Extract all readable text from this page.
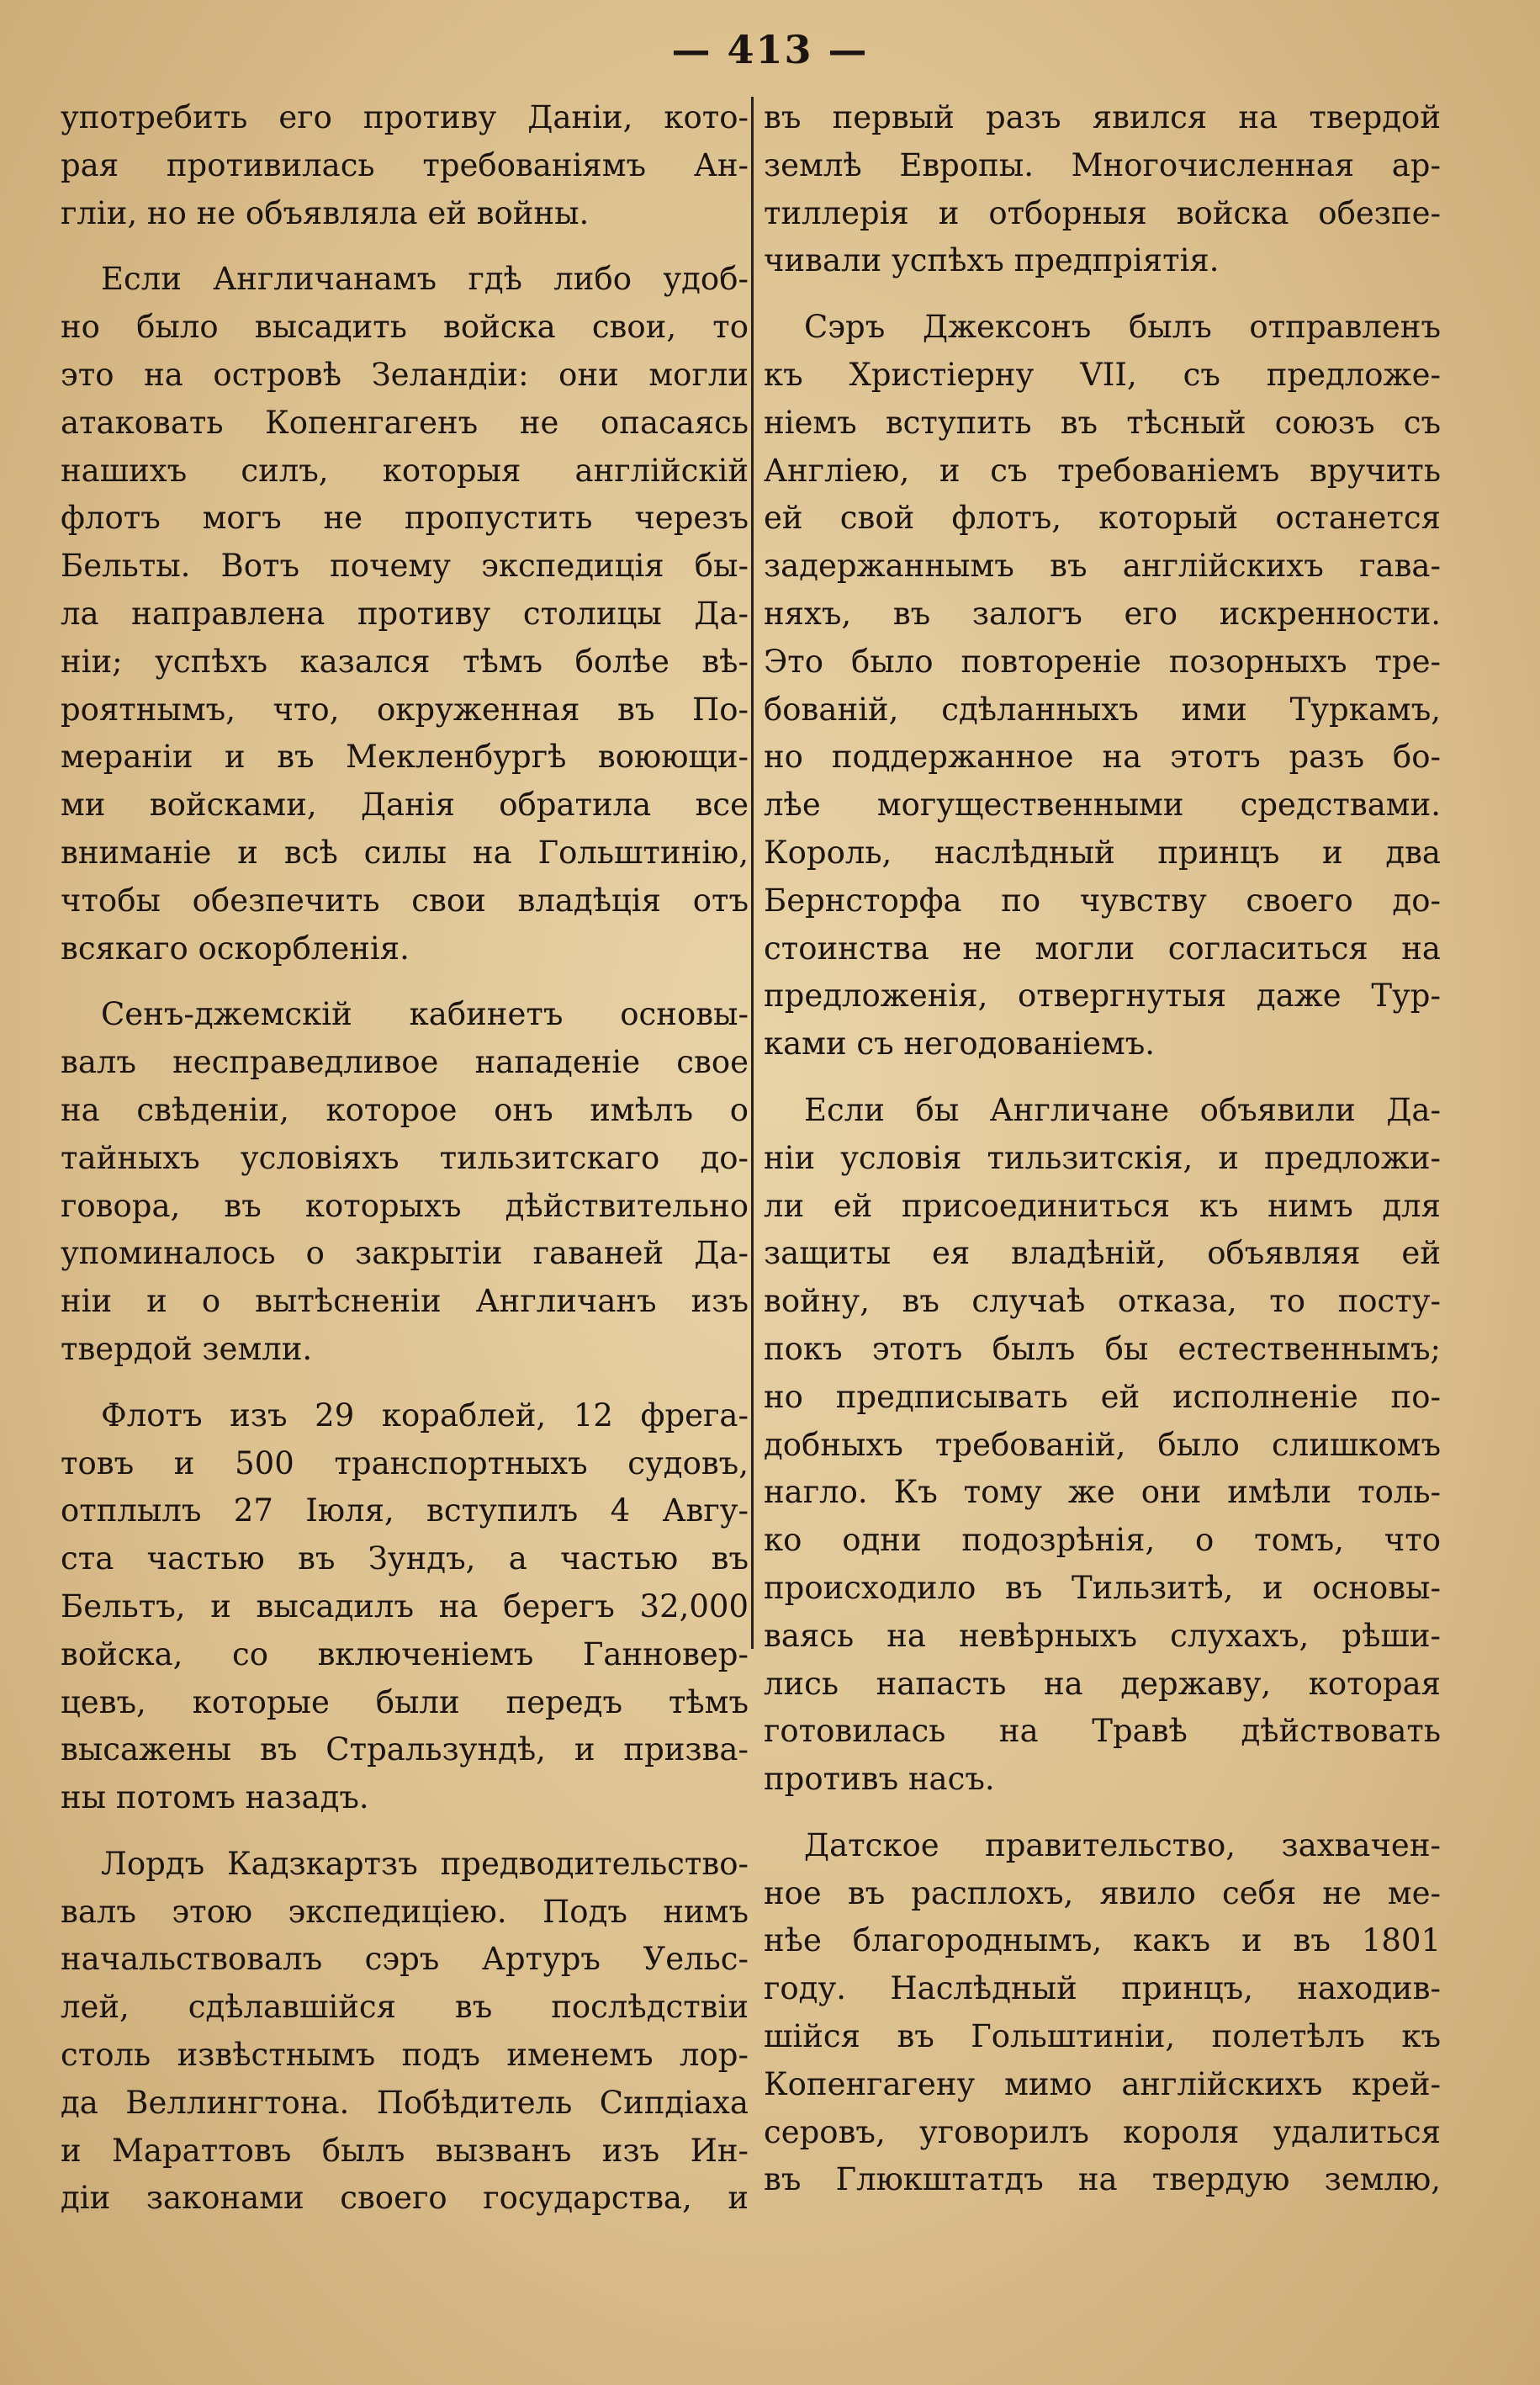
— 413 —
употребить его противу Даніи, кото-
рая противилась требованіямъ Ан-
гліи, но не объявляла ей войны.
Если Англичанамъ гдѣ либо удоб-
но было высадить войска свои, то
это на островѣ Зеландіи: они могли
атаковать Копенгагенъ не опасаясь
нашихъ силъ, которыя англійскій
флотъ могъ не пропустить черезъ
Бельты. Вотъ почему экспедиція бы-
ла направлена противу столицы Да-
ніи; успѣхъ казался тѣмъ болѣе вѣ-
роятнымъ, что, окруженная въ По-
мераніи и въ Мекленбургѣ воюющи-
ми войсками, Данія обратила все
вниманіе и всѣ силы на Гольштинію,
чтобы обезпечить свои владѣція отъ
всякаго оскорбленія.
Сенъ-джемскій кабинетъ основы-
валъ несправедливое нападеніе свое
на свѣденіи, которое онъ имѣлъ о
тайныхъ условіяхъ тильзитскаго до-
говора, въ которыхъ дѣйствительно
упоминалось о закрытіи гаваней Да-
ніи и о вытѣсненіи Англичанъ изъ
твердой земли.
Флотъ изъ 29 кораблей, 12 фрега-
товъ и 500 транспортныхъ судовъ,
отплылъ 27 Іюля, вступилъ 4 Авгу-
ста частью въ Зундъ, а частью въ
Бельтъ, и высадилъ на берегъ 32,000
войска, со включеніемъ Ганновер-
цевъ, которые были передъ тѣмъ
высажены въ Стральзундѣ, и призва-
ны потомъ назадъ.
Лордъ Кадзкартзъ предводительство-
валъ этою экспедиціею. Подъ нимъ
начальствовалъ сэръ Артуръ Уельс-
лей, сдѣлавшійся въ послѣдствіи
столь извѣстнымъ подъ именемъ лор-
да Веллингтона. Побѣдитель Сипдіаха
и Мараттовъ былъ вызванъ изъ Ин-
діи законами своего государства, и
въ первый разъ явился на твердой
землѣ Европы. Многочисленная ар-
тиллерія и отборныя войска обезпе-
чивали успѣхъ предпріятія.
Сэръ Джексонъ былъ отправленъ
къ Христіерну VII, съ предложе-
ніемъ вступить въ тѣсный союзъ съ
Англіею, и съ требованіемъ вручить
ей свой флотъ, который останется
задержаннымъ въ англійскихъ гава-
няхъ, въ залогъ его искренности.
Это было повтореніе позорныхъ тре-
бованій, сдѣланныхъ ими Туркамъ,
но поддержанное на этотъ разъ бо-
лѣе могущественными средствами.
Король, наслѣдный принцъ и два
Бернсторфа по чувству своего до-
стоинства не могли согласиться на
предложенія, отвергнутыя даже Тур-
ками съ негодованіемъ.
Если бы Англичане объявили Да-
ніи условія тильзитскія, и предложи-
ли ей присоединиться къ нимъ для
защиты ея владѣній, объявляя ей
войну, въ случаѣ отказа, то посту-
покъ этотъ былъ бы естественнымъ;
но предписывать ей исполненіе по-
добныхъ требованій, было слишкомъ
нагло. Къ тому же они имѣли толь-
ко одни подозрѣнія, о томъ, что
происходило въ Тильзитѣ, и основы-
ваясь на невѣрныхъ слухахъ, рѣши-
лись напасть на державу, которая
готовилась на Травѣ дѣйствовать
противъ насъ.
Датское правительство, захвачен-
ное въ расплохъ, явило себя не ме-
нѣе благороднымъ, какъ и въ 1801
году. Наслѣдный принцъ, находив-
шійся въ Гольштиніи, полетѣлъ къ
Копенгагену мимо англійскихъ крей-
серовъ, уговорилъ короля удалиться
въ Глюкштатдъ на твердую землю,
